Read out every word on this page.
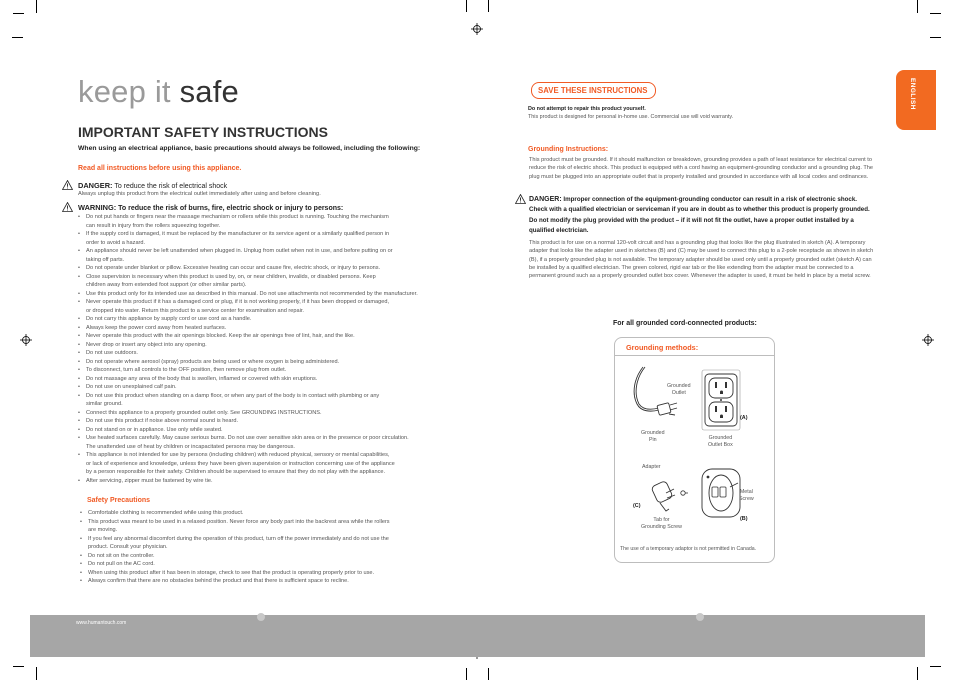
keep it safe
IMPORTANT SAFETY INSTRUCTIONS
When using an electrical appliance, basic precautions should always be followed, including the following:
Read all instructions before using this appliance.
DANGER: To reduce the risk of electrical shock
Always unplug this product from the electrical outlet immediately after using and before cleaning.
WARNING: To reduce the risk of burns, fire, electric shock or injury to persons:
• Do not put hands or fingers near the massage mechanism or rollers while this product is running. Touching the mechanism
can result in injury from the rollers squeezing together.
• If the supply cord is damaged, it must be replaced by the manufacturer or its service agent or a similarly qualified person in
order to avoid a hazard.
• An appliance should never be left unattended when plugged in. Unplug from outlet when not in use, and before putting on or
taking off parts.
• Do not operate under blanket or pillow. Excessive heating can occur and cause fire, electric shock, or injury to persons.
• Close supervision is necessary when this product is used by, on, or near children, invalids, or disabled persons. Keep
children away from extended foot support (or other similar parts).
• Use this product only for its intended use as described in this manual. Do not use attachments not recommended by the manufacturer.
• Never operate this product if it has a damaged cord or plug, if it is not working properly, if it has been dropped or damaged,
or dropped into water. Return this product to a service center for examination and repair.
• Do not carry this appliance by supply cord or use cord as a handle.
• Always keep the power cord away from heated surfaces.
• Never operate this product with the air openings blocked. Keep the air openings free of lint, hair, and the like.
• Never drop or insert any object into any opening.
• Do not use outdoors.
• Do not operate where aerosol (spray) products are being used or where oxygen is being administered.
• To disconnect, turn all controls to the OFF position, then remove plug from outlet.
• Do not massage any area of the body that is swollen, inflamed or covered with skin eruptions.
• Do not use on unexplained calf pain.
• Do not use this product when standing on a damp floor, or when any part of the body is in contact with plumbing or any
similar ground.
• Connect this appliance to a properly grounded outlet only. See GROUNDING INSTRUCTIONS.
• Do not use this product if noise above normal sound is heard.
• Do not stand on or in appliance. Use only while seated.
• Use heated surfaces carefully. May cause serious burns. Do not use over sensitive skin area or in the presence or poor circulation.
The unattended use of heat by children or incapacitated persons may be dangerous.
• This appliance is not intended for use by persons (including children) with reduced physical, sensory or mental capabilities,
or lack of experience and knowledge, unless they have been given supervision or instruction concerning use of the appliance
by a person responsible for their safety. Children should be supervised to ensure that they do not play with the appliance.
• After servicing, zipper must be fastened by wire tie.
Safety Precautions
• Comfortable clothing is recommended while using this product.
• This product was meant to be used in a relaxed position. Never force any body part into the backrest area while the rollers
are moving.
• If you feel any abnormal discomfort during the operation of this product, turn off the power immediately and do not use the
product. Consult your physician.
• Do not sit on the controller.
• Do not pull on the AC cord.
• When using this product after it has been in storage, check to see that the product is operating properly prior to use.
• Always confirm that there are no obstacles behind the product and that there is sufficient space to recline.
SAVE THESE INSTRUCTIONS
Do not attempt to repair this product yourself.
This product is designed for personal in-home use. Commercial use will void warranty.
Grounding Instructions:
This product must be grounded. If it should malfunction or breakdown, grounding provides a path of least resistance for electrical current to reduce the risk of electric shock. This product is equipped with a cord having an equipment-grounding conductor and a grounding plug. The plug must be plugged into an appropriate outlet that is properly installed and grounded in accordance with all local codes and ordinances.
DANGER: Improper connection of the equipment-grounding conductor can result in a risk of electronic shock. Check with a qualified electrician or serviceman if you are in doubt as to whether this product is properly grounded. Do not modify the plug provided with the product – if it will not fit the outlet, have a proper outlet installed by a qualified electrician.
This product is for use on a normal 120-volt circuit and has a grounding plug that looks like the plug illustrated in sketch (A). A temporary adapter that looks like the adapter used in sketches (B) and (C) may be used to connect this plug to a 2-pole receptacle as shown in sketch (B), if a properly grounded plug is not available. The temporary adapter should be used only until a properly grounded outlet (sketch A) can be installed by a qualified electrician. The green colored, rigid ear tab or the like extending from the adapter must be connected to a permanent ground such as a properly grounded outlet box cover. Whenever the adapter is used, it must be held in place by a metal screw.
For all grounded cord-connected products:
Grounding methods:
Grounded
Outlet
Grounded
Pin	Grounded
Outlet Box
(A)
Adapter
Metal
Screw
Tab for
Grounding Screw
(C)
(B)
The use of a temporary adaptor is not permitted in Canada.
ENGLISH
www.humantouch.com
